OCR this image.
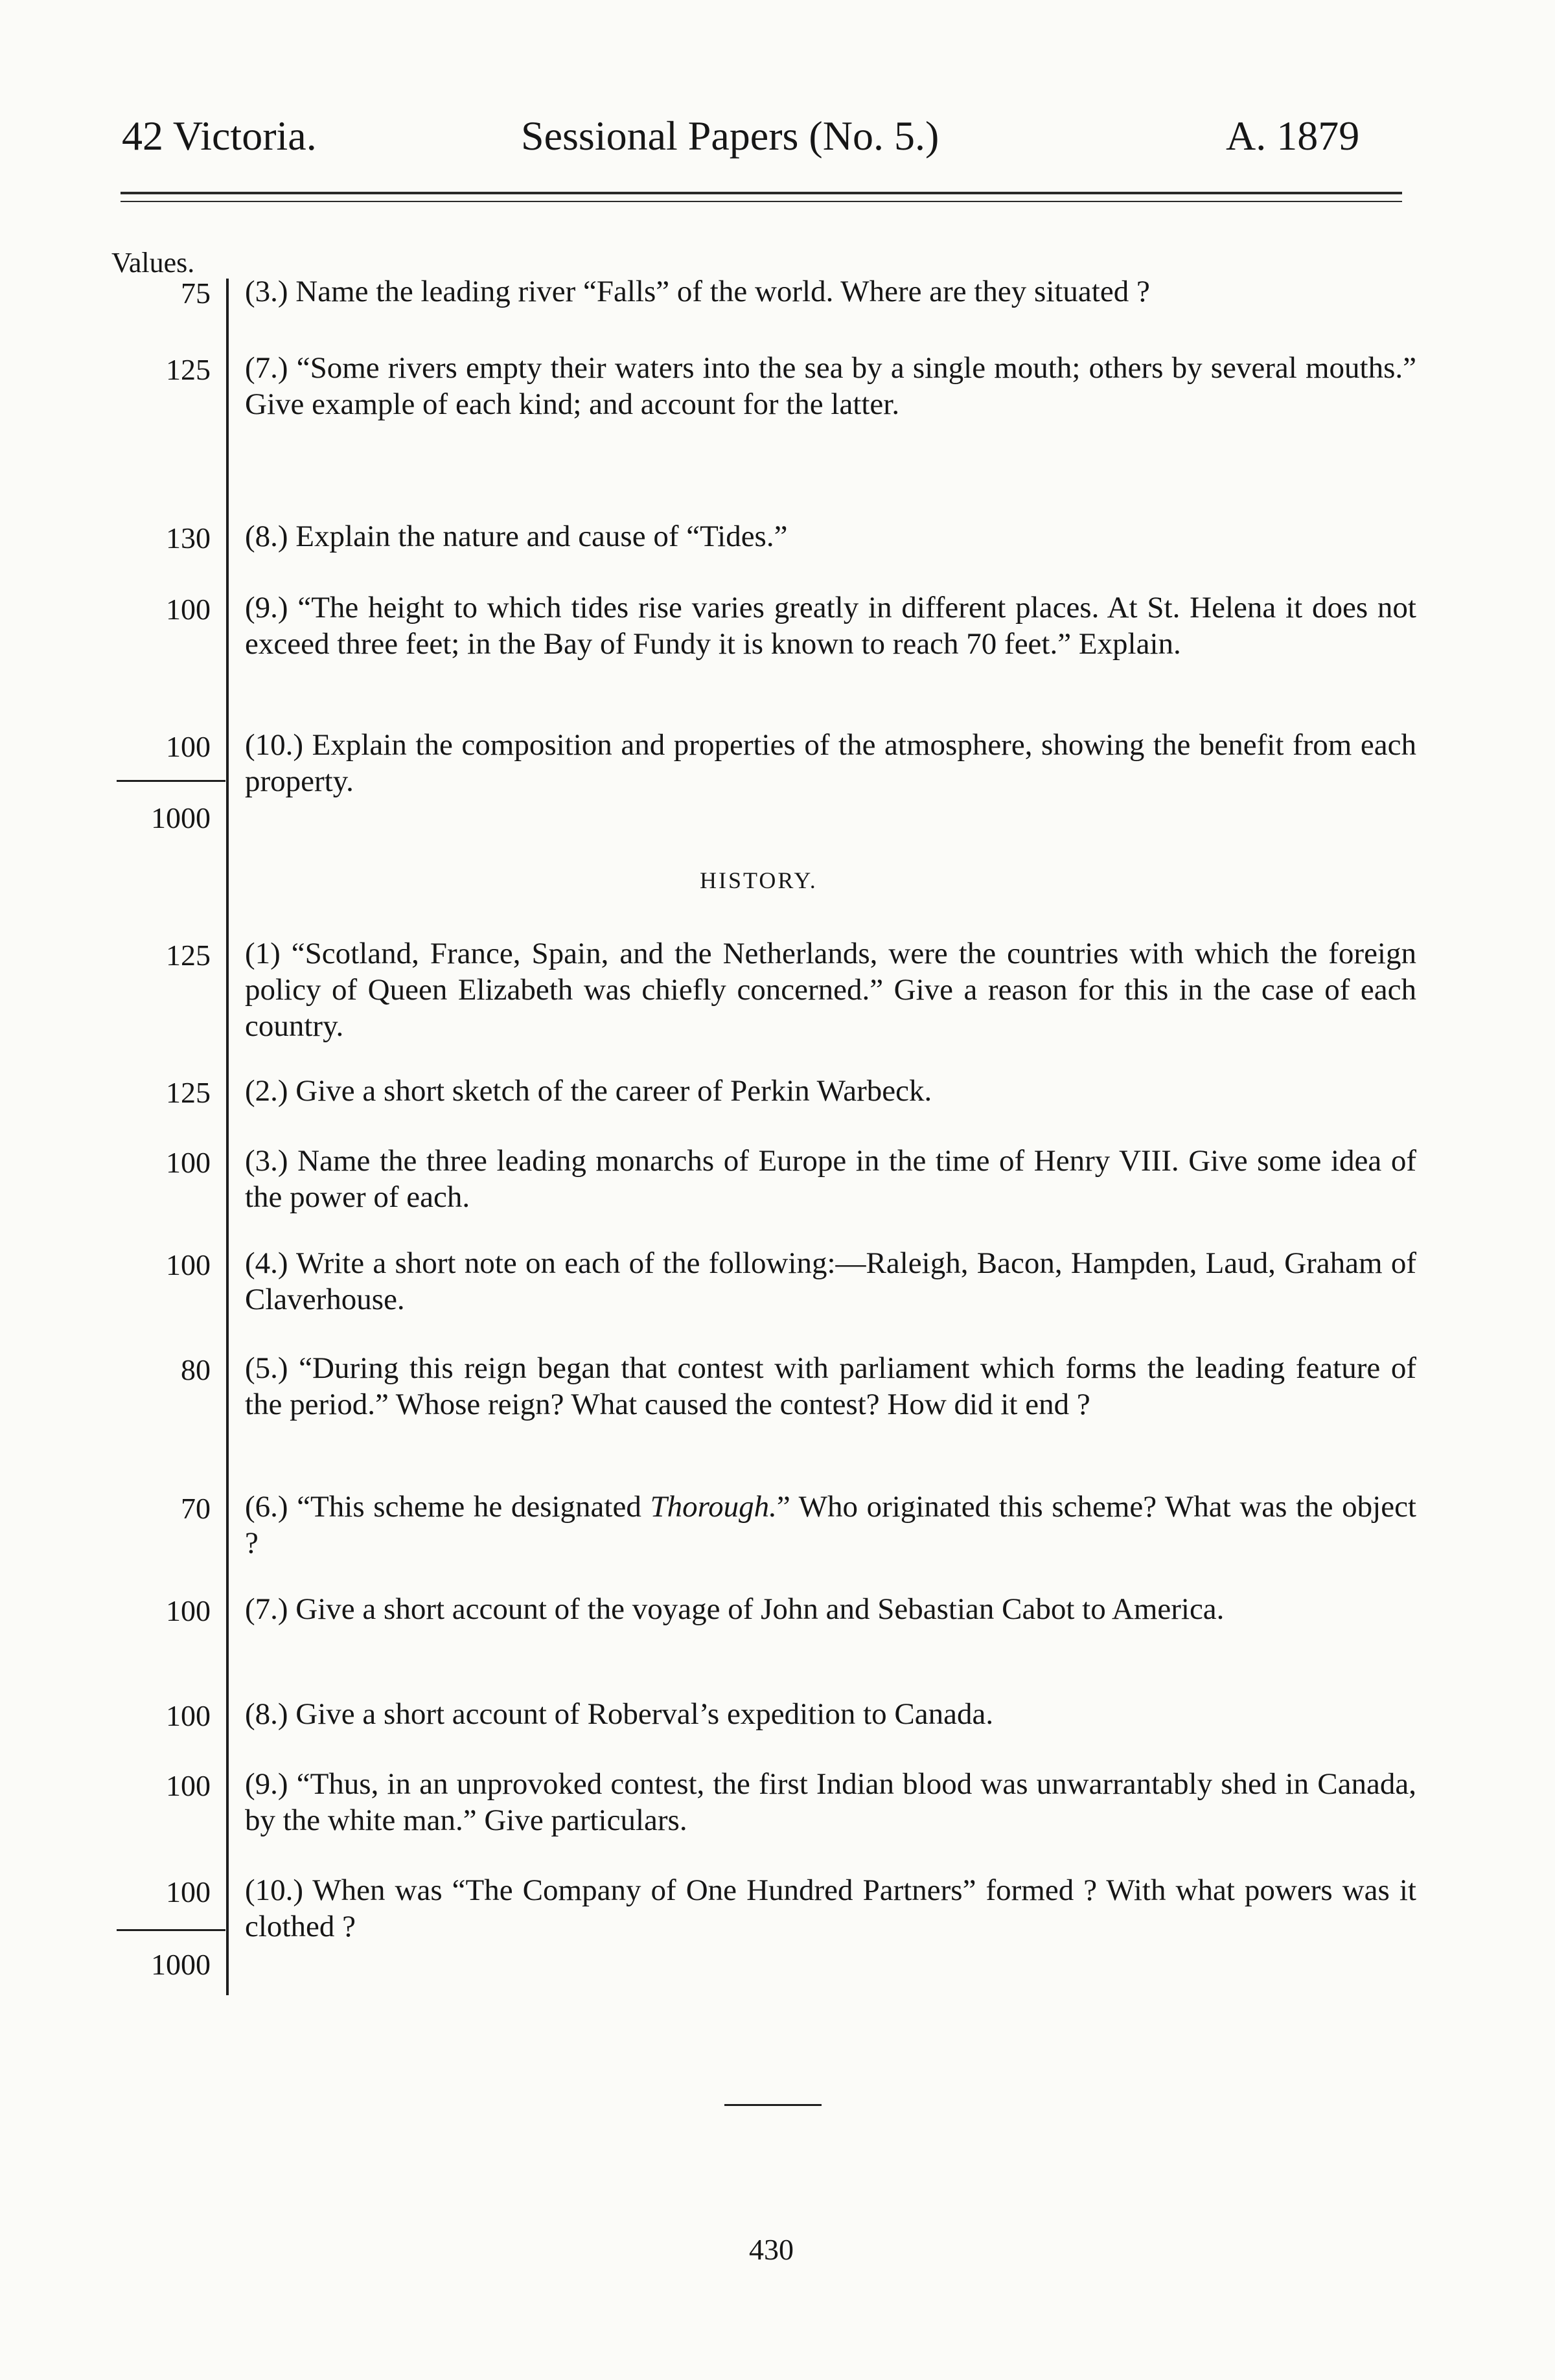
42 Victoria.	Sessional Papers (No. 5.)	A. 1879
Values.
75 (3.) Name the leading river “Falls” of the world. Where are they situated ?
125 (7.) “Some rivers empty their waters into the sea by a single mouth; others by several mouths.” Give example of each kind; and account for the latter.
130 (8.) Explain the nature and cause of “Tides.”
100 (9.) “The height to which tides rise varies greatly in different places. At St. Helena it does not exceed three feet; in the Bay of Fundy it is known to reach 70 feet.” Explain.
100 (10.) Explain the composition and properties of the atmosphere, showing the benefit from each property.
1000
HISTORY.
125 (1) “Scotland, France, Spain, and the Netherlands, were the countries with which the foreign policy of Queen Elizabeth was chiefly concerned.” Give a reason for this in the case of each country.
125 (2.) Give a short sketch of the career of Perkin Warbeck.
100 (3.) Name the three leading monarchs of Europe in the time of Henry VIII. Give some idea of the power of each.
100 (4.) Write a short note on each of the following:—Raleigh, Bacon, Hampden, Laud, Graham of Claverhouse.
80 (5.) “During this reign began that contest with parliament which forms the leading feature of the period.” Whose reign? What caused the contest? How did it end ?
70 (6.) “This scheme he designated Thorough.” Who originated this scheme? What was the object ?
100 (7.) Give a short account of the voyage of John and Sebastian Cabot to America.
100 (8.) Give a short account of Roberval’s expedition to Canada.
100 (9.) “Thus, in an unprovoked contest, the first Indian blood was unwarrantably shed in Canada, by the white man.” Give particulars.
100 (10.) When was “The Company of One Hundred Partners” formed ? With what powers was it clothed ?
1000
430
